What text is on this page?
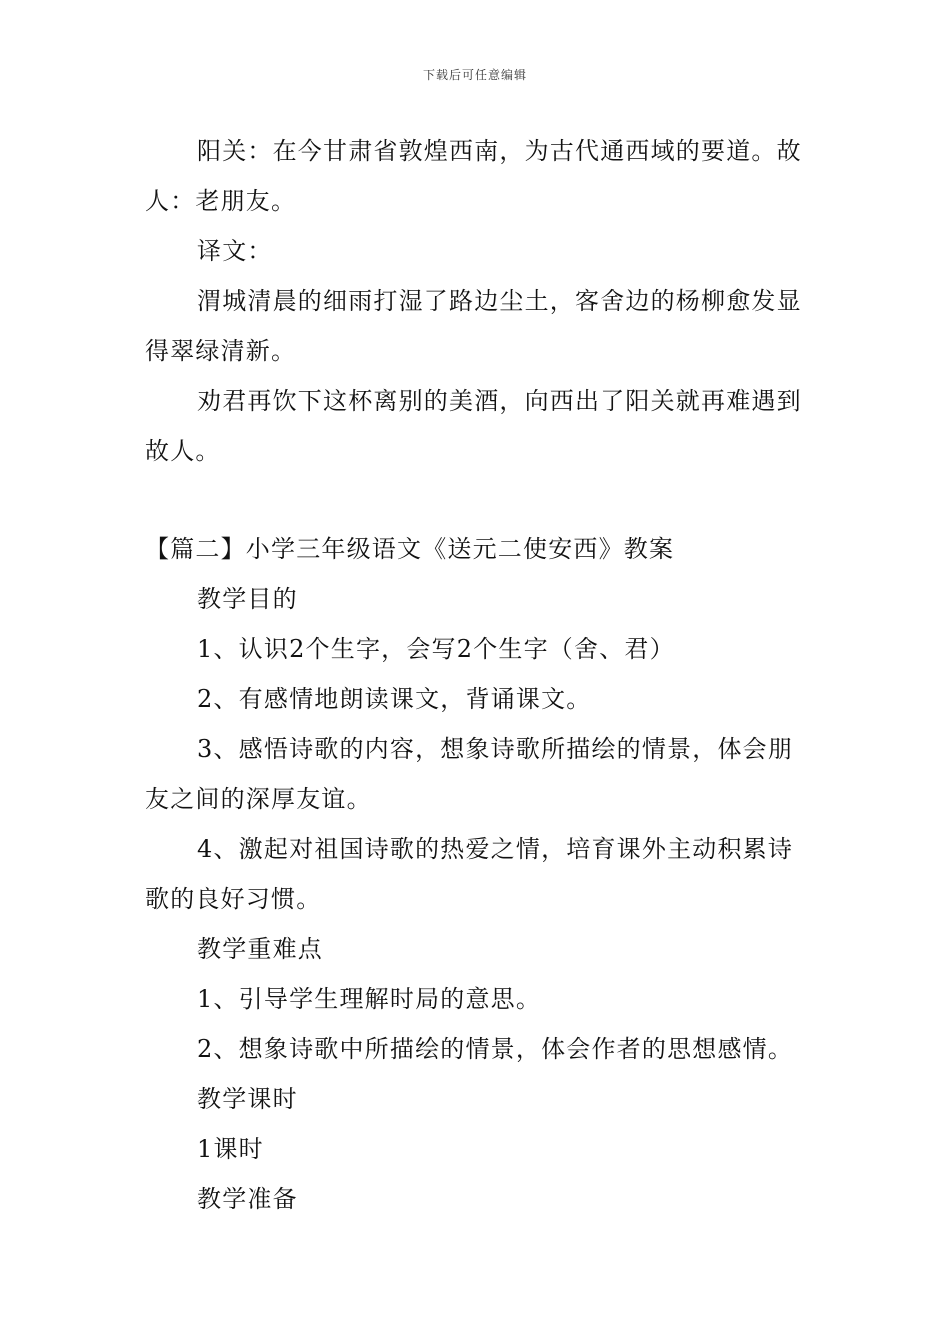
下载后可任意编辑

阳关：在今甘肃省敦煌西南，为古代通西域的要道。故人：老朋友。

译文：

渭城清晨的细雨打湿了路边尘土，客舍边的杨柳愈发显得翠绿清新。

劝君再饮下这杯离别的美酒，向西出了阳关就再难遇到故人。

【篇二】小学三年级语文《送元二使安西》教案

教学目的

1、认识2个生字，会写2个生字（舍、君）

2、有感情地朗读课文，背诵课文。

3、感悟诗歌的内容，想象诗歌所描绘的情景，体会朋友之间的深厚友谊。

4、激起对祖国诗歌的热爱之情，培育课外主动积累诗歌的良好习惯。

教学重难点

1、引导学生理解时局的意思。

2、想象诗歌中所描绘的情景，体会作者的思想感情。

教学课时

1课时

教学准备
